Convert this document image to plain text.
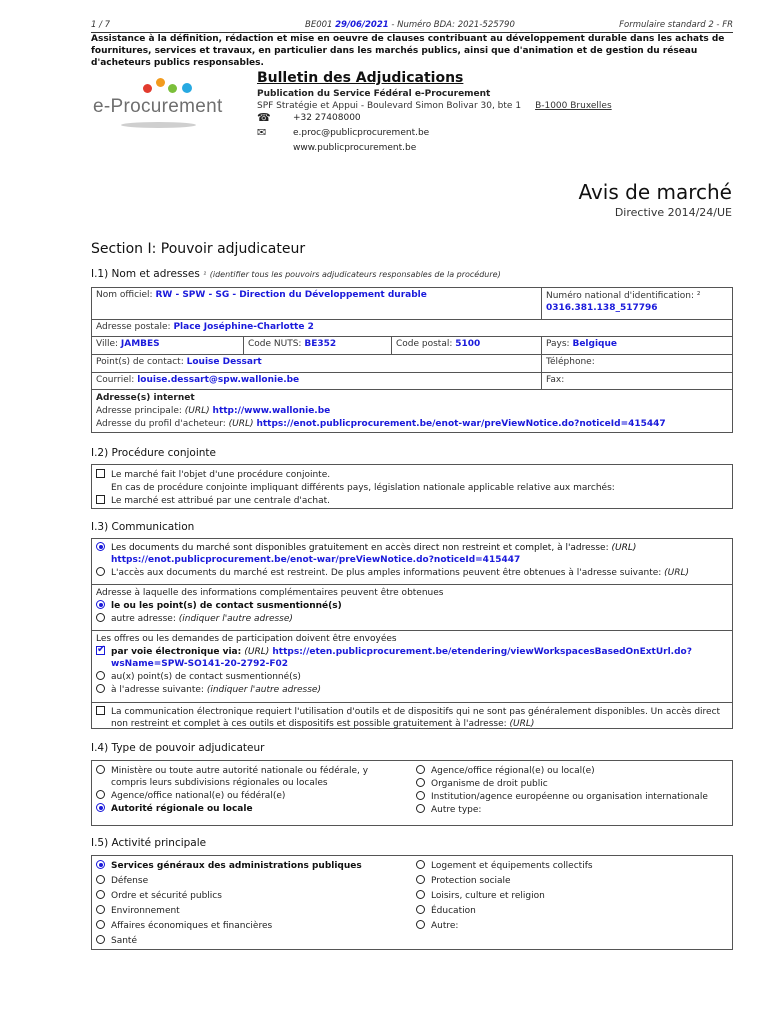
1 / 7	BE001 29/06/2021 - Numéro BDA: 2021-525790	Formulaire standard 2 - FR
Assistance à la définition, rédaction et mise en oeuvre de clauses contribuant au développement durable dans les achats de fournitures, services et travaux, en particulier dans les marchés publics, ainsi que d'animation et de gestion du réseau d'acheteurs publics responsables.
e-Procurement
Bulletin des Adjudications
Publication du Service Fédéral e-Procurement
SPF Stratégie et Appui - Boulevard Simon Bolivar 30, bte 1 B-1000 Bruxelles
☎ +32 27408000
✉	e.proc@publicprocurement.be
www.publicprocurement.be
Avis de marché
Directive 2014/24/UE
Section I: Pouvoir adjudicateur
I.1) Nom et adresses ¹ (identifier tous les pouvoirs adjudicateurs responsables de la procédure)
Nom officiel: RW - SPW - SG - Direction du Développement durable	Numéro national d'identification: ² 0316.381.138_517796
Adresse postale: Place Joséphine-Charlotte 2
Ville: JAMBES	Code NUTS: BE352	Code postal: 5100	Pays: Belgique
Point(s) de contact: Louise Dessart	Téléphone:
Courriel: louise.dessart@spw.wallonie.be	Fax:
Adresse(s) internet
Adresse principale: (URL) http://www.wallonie.be
Adresse du profil d'acheteur: (URL) https://enot.publicprocurement.be/enot-war/preViewNotice.do?noticeId=415447
I.2) Procédure conjointe
Le marché fait l'objet d'une procédure conjointe.
En cas de procédure conjointe impliquant différents pays, législation nationale applicable relative aux marchés:
Le marché est attribué par une centrale d'achat.
I.3) Communication
Les documents du marché sont disponibles gratuitement en accès direct non restreint et complet, à l'adresse: (URL)
https://enot.publicprocurement.be/enot-war/preViewNotice.do?noticeId=415447
L'accès aux documents du marché est restreint. De plus amples informations peuvent être obtenues à l'adresse suivante: (URL)
Adresse à laquelle des informations complémentaires peuvent être obtenues
le ou les point(s) de contact susmentionné(s)
autre adresse: (indiquer l'autre adresse)
Les offres ou les demandes de participation doivent être envoyées
✔
par voie électronique via: (URL) https://eten.publicprocurement.be/etendering/viewWorkspacesBasedOnExtUrl.do?wsName=SPW-SO141-20-2792-F02
au(x) point(s) de contact susmentionné(s)
à l'adresse suivante: (indiquer l'autre adresse)
La communication électronique requiert l'utilisation d'outils et de dispositifs qui ne sont pas généralement disponibles. Un accès direct non restreint et complet à ces outils et dispositifs est possible gratuitement à l'adresse: (URL)
I.4) Type de pouvoir adjudicateur
Ministère ou toute autre autorité nationale ou fédérale, y compris leurs subdivisions régionales ou locales
Agence/office national(e) ou fédéral(e)
Autorité régionale ou locale
Agence/office régional(e) ou local(e)
Organisme de droit public
Institution/agence européenne ou organisation internationale
Autre type:
I.5) Activité principale
Services généraux des administrations publiques
Défense
Ordre et sécurité publics
Environnement
Affaires économiques et financières
Santé
Logement et équipements collectifs
Protection sociale
Loisirs, culture et religion
Éducation
Autre:
